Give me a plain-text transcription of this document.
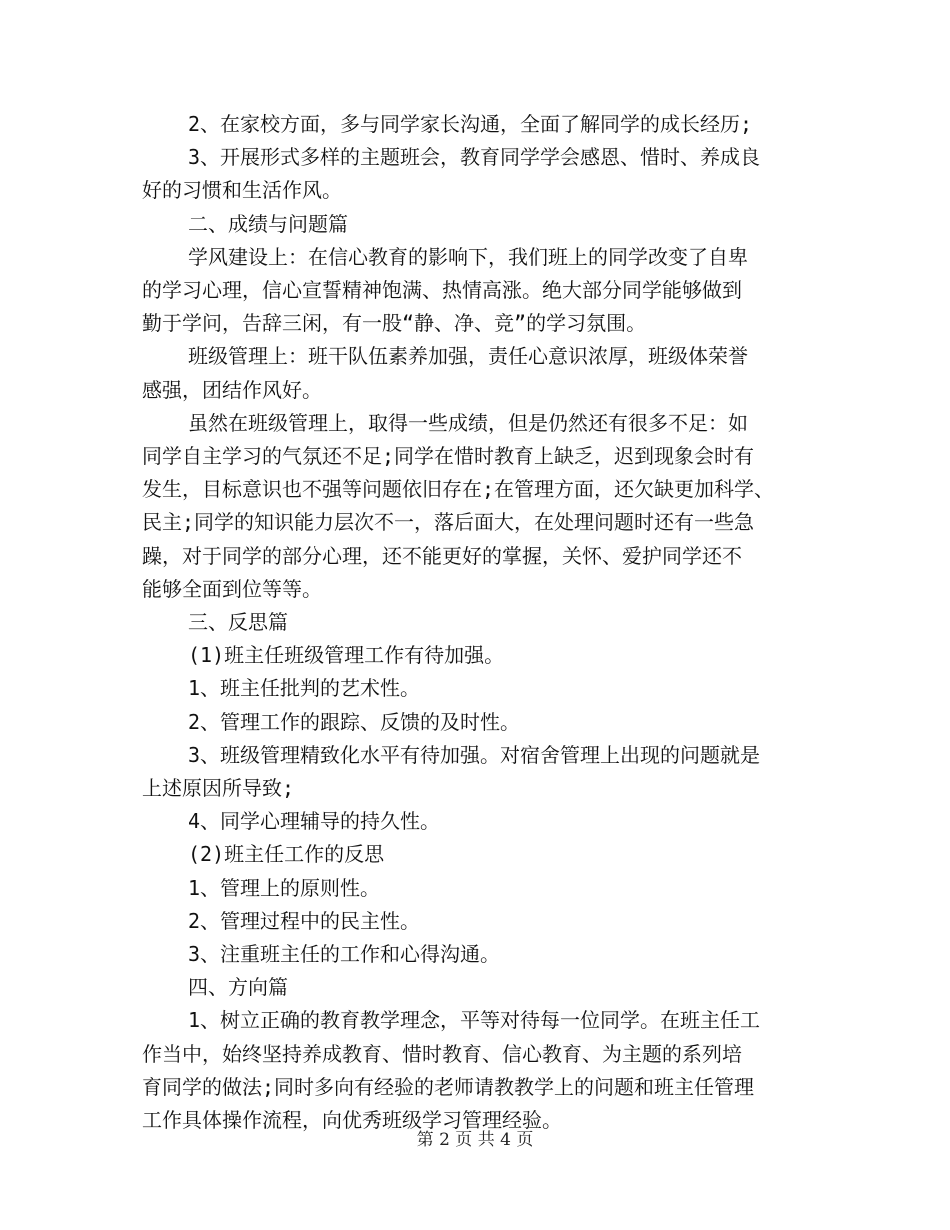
2、在家校方面，多与同学家长沟通，全面了解同学的成长经历;

3、开展形式多样的主题班会，教育同学学会感恩、惜时、养成良

好的习惯和生活作风。

二、成绩与问题篇

学风建设上：在信心教育的影响下，我们班上的同学改变了自卑

的学习心理，信心宣誓精神饱满、热情高涨。绝大部分同学能够做到

勤于学问，告辞三闲，有一股“静、净、竞”的学习氛围。

班级管理上：班干队伍素养加强，责任心意识浓厚，班级体荣誉

感强，团结作风好。

虽然在班级管理上，取得一些成绩，但是仍然还有很多不足：如

同学自主学习的气氛还不足;同学在惜时教育上缺乏，迟到现象会时有

发生，目标意识也不强等问题依旧存在;在管理方面，还欠缺更加科学、

民主;同学的知识能力层次不一，落后面大，在处理问题时还有一些急

躁，对于同学的部分心理，还不能更好的掌握，关怀、爱护同学还不

能够全面到位等等。

三、反思篇

(1)班主任班级管理工作有待加强。

1、班主任批判的艺术性。

2、管理工作的跟踪、反馈的及时性。

3、班级管理精致化水平有待加强。对宿舍管理上出现的问题就是

上述原因所导致;

4、同学心理辅导的持久性。

(2)班主任工作的反思

1、管理上的原则性。

2、管理过程中的民主性。

3、注重班主任的工作和心得沟通。

四、方向篇

1、树立正确的教育教学理念，平等对待每一位同学。在班主任工

作当中，始终坚持养成教育、惜时教育、信心教育、为主题的系列培

育同学的做法;同时多向有经验的老师请教教学上的问题和班主任管理

工作具体操作流程，向优秀班级学习管理经验。

第 2 页 共 4 页
